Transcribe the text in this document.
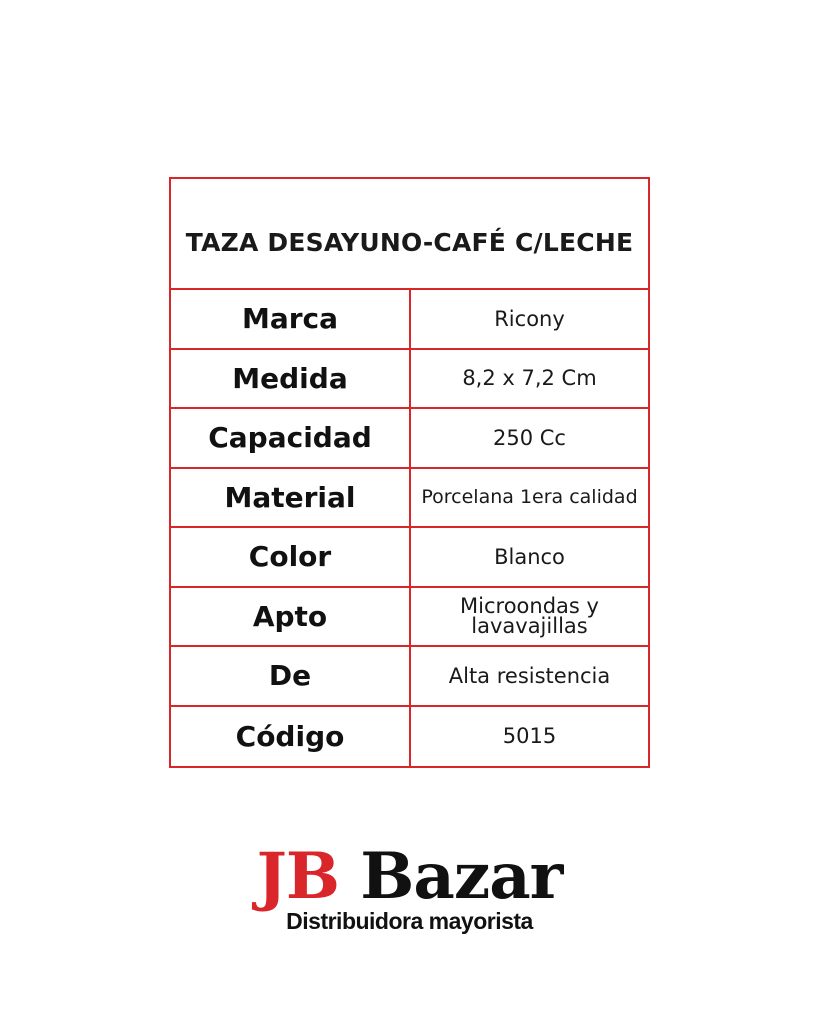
TAZA DESAYUNO-CAFÉ C/LECHE
Marca	Ricony
Medida	8,2 x 7,2 Cm
Capacidad	250 Cc
Material	Porcelana 1era calidad
Color	Blanco
Apto	Microondas y lavavajillas
De	Alta resistencia
Código	5015
JB Bazar
Distribuidora mayorista
